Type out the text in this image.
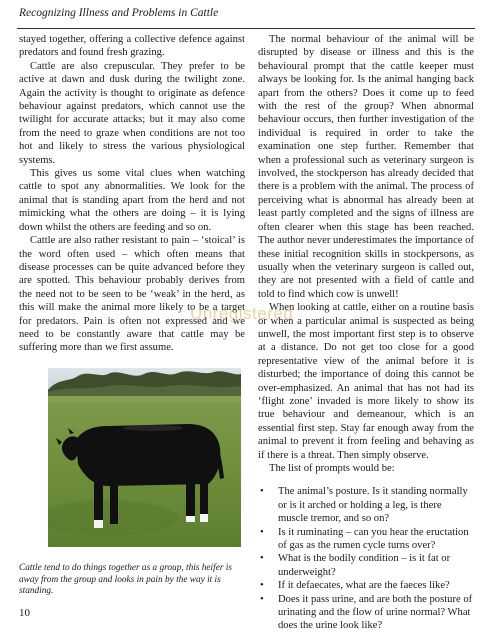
Recognizing Illness and Problems in Cattle

stayed together, offering a collective defence against predators and found fresh grazing.

Cattle are also crepuscular. They prefer to be active at dawn and dusk during the twilight zone. Again the activity is thought to originate as defence behaviour against predators, which cannot use the twilight for accurate attacks; but it may also come from the need to graze when conditions are not too hot and likely to stress the various physiological systems.

This gives us some vital clues when watching cattle to spot any abnormalities. We look for the animal that is standing apart from the herd and not mimicking what the others are doing – it is lying down whilst the others are feeding and so on.

Cattle are also rather resistant to pain – ‘stoical’ is the word often used – which often means that disease processes can be quite advanced before they are spotted. This behaviour probably derives from the need not to be seen to be ‘weak’ in the herd, as this will make the animal more likely to be a target for predators. Pain is often not expressed and we need to be constantly aware that cattle may be suffering more than we first assume.

The normal behaviour of the animal will be disrupted by disease or illness and this is the behavioural prompt that the cattle keeper must always be looking for. Is the animal hanging back apart from the others? Does it come up to feed with the rest of the group? When abnormal behaviour occurs, then further investigation of the individual is required in order to take the examination one step further. Remember that when a professional such as veterinary surgeon is involved, the stockperson has already decided that there is a problem with the animal. The process of perceiving what is abnormal has already been at least partly completed and the signs of illness are often clearer when this stage has been reached. The author never underestimates the importance of these initial recognition skills in stockpersons, as usually when the veterinary surgeon is called out, they are not presented with a field of cattle and told to find which cow is unwell!

When looking at cattle, either on a routine basis or when a particular animal is suspected as being unwell, the most important first step is to observe at a distance. Do not get too close for a good representative view of the animal before it is disturbed; the importance of doing this cannot be over-emphasized. An animal that has not had its ‘flight zone’ invaded is more likely to show its true behaviour and demeanour, which is an essential first step. Stay far enough away from the animal to prevent it from feeling and behaving as if there is a threat. Then simply observe.

The list of prompts would be:

• The animal’s posture. Is it standing normally or is it arched or holding a leg, is there muscle tremor, and so on?
• Is it ruminating – can you hear the eructation of gas as the rumen cycle turns over?
• What is the bodily condition – is it fat or underweight?
• If it defaecates, what are the faeces like?
• Does it pass urine, and are both the posture of urinating and the flow of urine normal? What does the urine look like?
Unregistered
Cattle tend to do things together as a group, this heifer is away from the group and looks in pain by the way it is standing.
10
